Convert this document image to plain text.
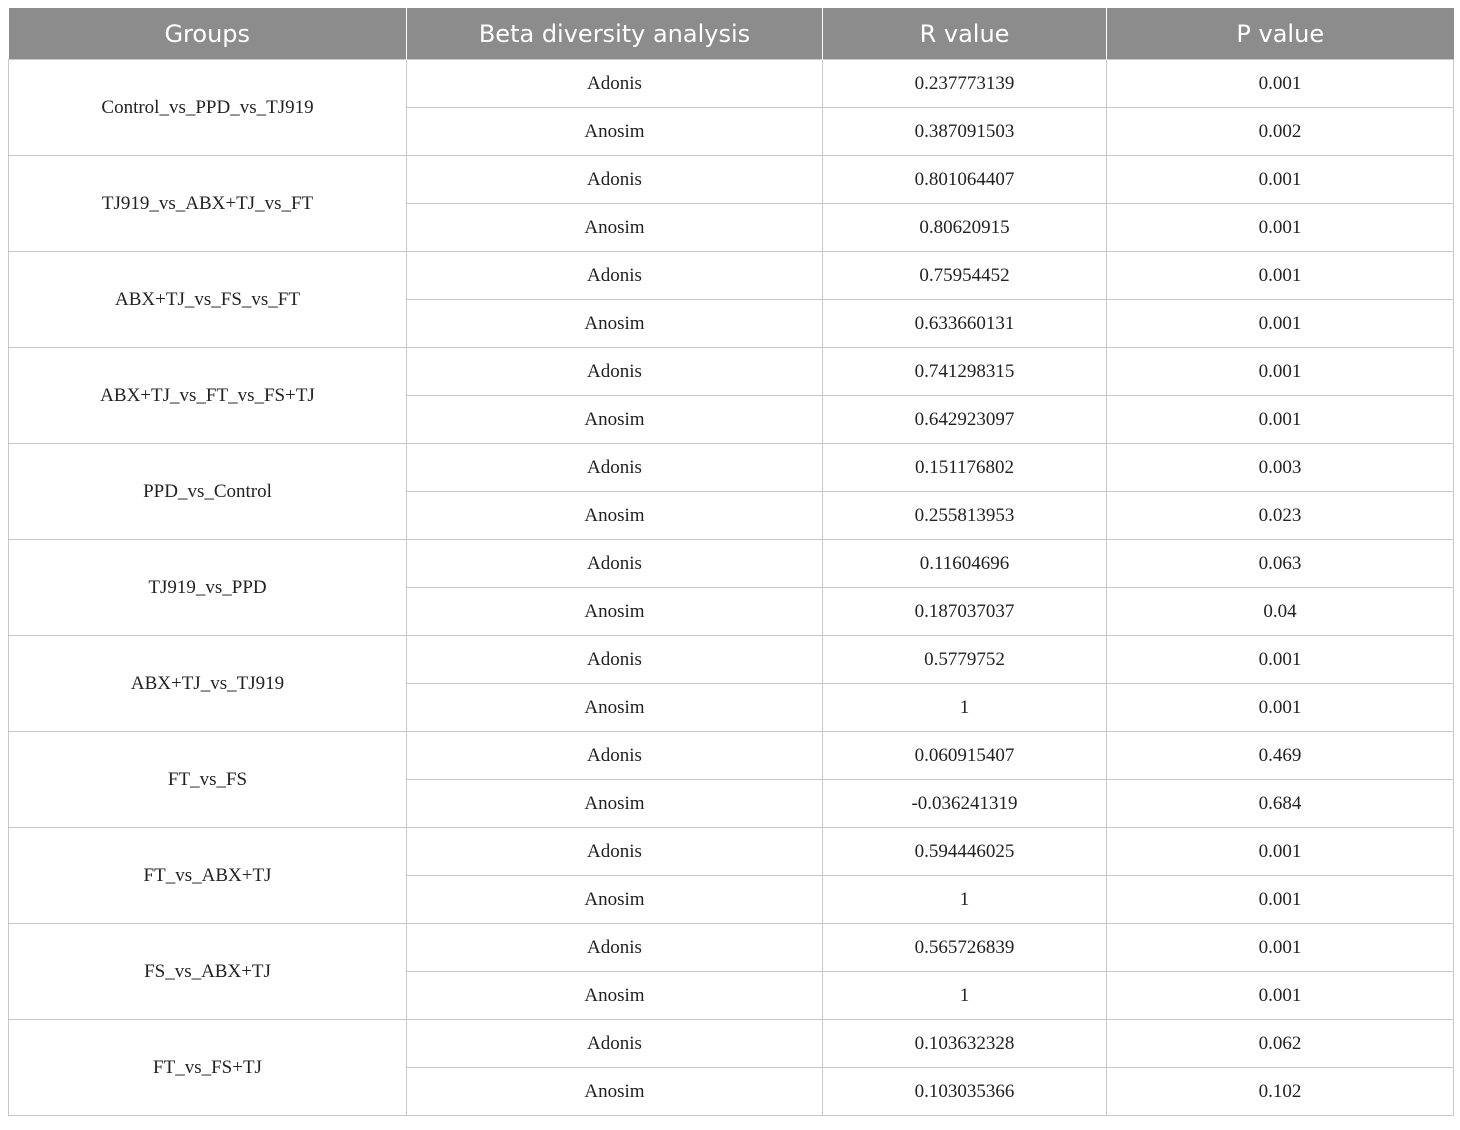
Groups	Beta diversity analysis	R value	P value
Control_vs_PPD_vs_TJ919	Adonis	0.237773139	0.001
	Anosim	0.387091503	0.002
TJ919_vs_ABX+TJ_vs_FT	Adonis	0.801064407	0.001
	Anosim	0.80620915	0.001
ABX+TJ_vs_FS_vs_FT	Adonis	0.75954452	0.001
	Anosim	0.633660131	0.001
ABX+TJ_vs_FT_vs_FS+TJ	Adonis	0.741298315	0.001
	Anosim	0.642923097	0.001
PPD_vs_Control	Adonis	0.151176802	0.003
	Anosim	0.255813953	0.023
TJ919_vs_PPD	Adonis	0.11604696	0.063
	Anosim	0.187037037	0.04
ABX+TJ_vs_TJ919	Adonis	0.5779752	0.001
	Anosim	1	0.001
FT_vs_FS	Adonis	0.060915407	0.469
	Anosim	-0.036241319	0.684
FT_vs_ABX+TJ	Adonis	0.594446025	0.001
	Anosim	1	0.001
FS_vs_ABX+TJ	Adonis	0.565726839	0.001
	Anosim	1	0.001
FT_vs_FS+TJ	Adonis	0.103632328	0.062
	Anosim	0.103035366	0.102
